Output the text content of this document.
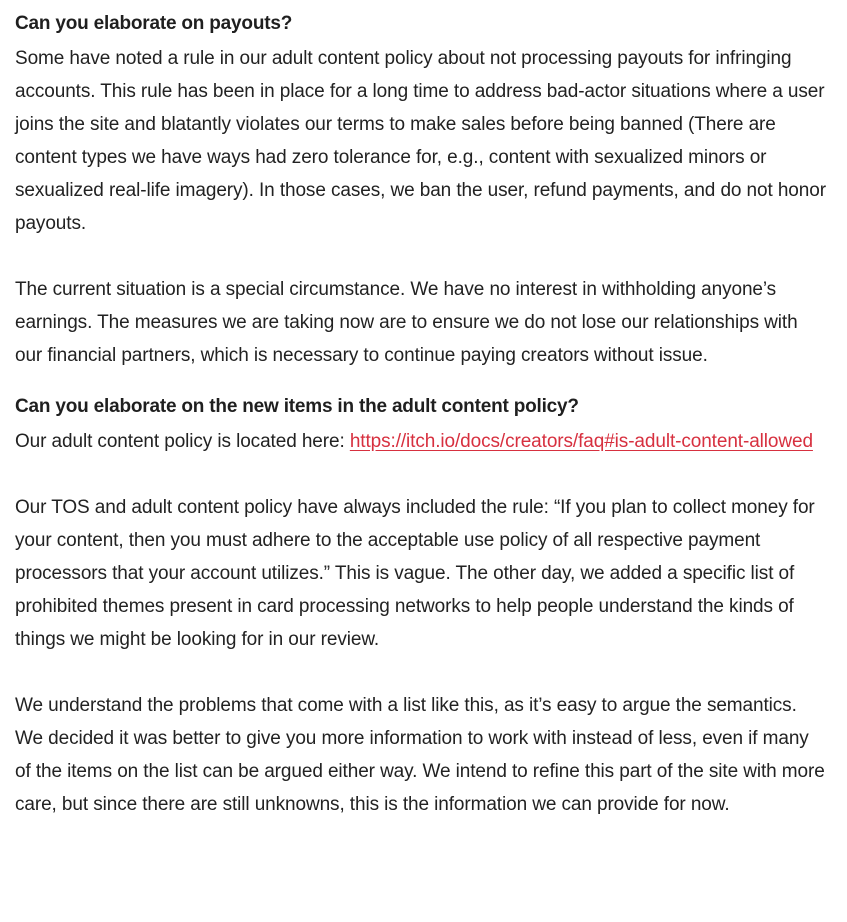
Can you elaborate on payouts?

Some have noted a rule in our adult content policy about not processing payouts for infringing accounts. This rule has been in place for a long time to address bad-actor situations where a user joins the site and blatantly violates our terms to make sales before being banned (There are content types we have ways had zero tolerance for, e.g., content with sexualized minors or sexualized real-life imagery). In those cases, we ban the user, refund payments, and do not honor payouts.

The current situation is a special circumstance. We have no interest in withholding anyone’s earnings. The measures we are taking now are to ensure we do not lose our relationships with our financial partners, which is necessary to continue paying creators without issue.

Can you elaborate on the new items in the adult content policy?

Our adult content policy is located here: https://itch.io/docs/creators/faq#is-adult-content-allowed

Our TOS and adult content policy have always included the rule: “If you plan to collect money for your content, then you must adhere to the acceptable use policy of all respective payment processors that your account utilizes.” This is vague. The other day, we added a specific list of prohibited themes present in card processing networks to help people understand the kinds of things we might be looking for in our review.

We understand the problems that come with a list like this, as it’s easy to argue the semantics. We decided it was better to give you more information to work with instead of less, even if many of the items on the list can be argued either way. We intend to refine this part of the site with more care, but since there are still unknowns, this is the information we can provide for now.
